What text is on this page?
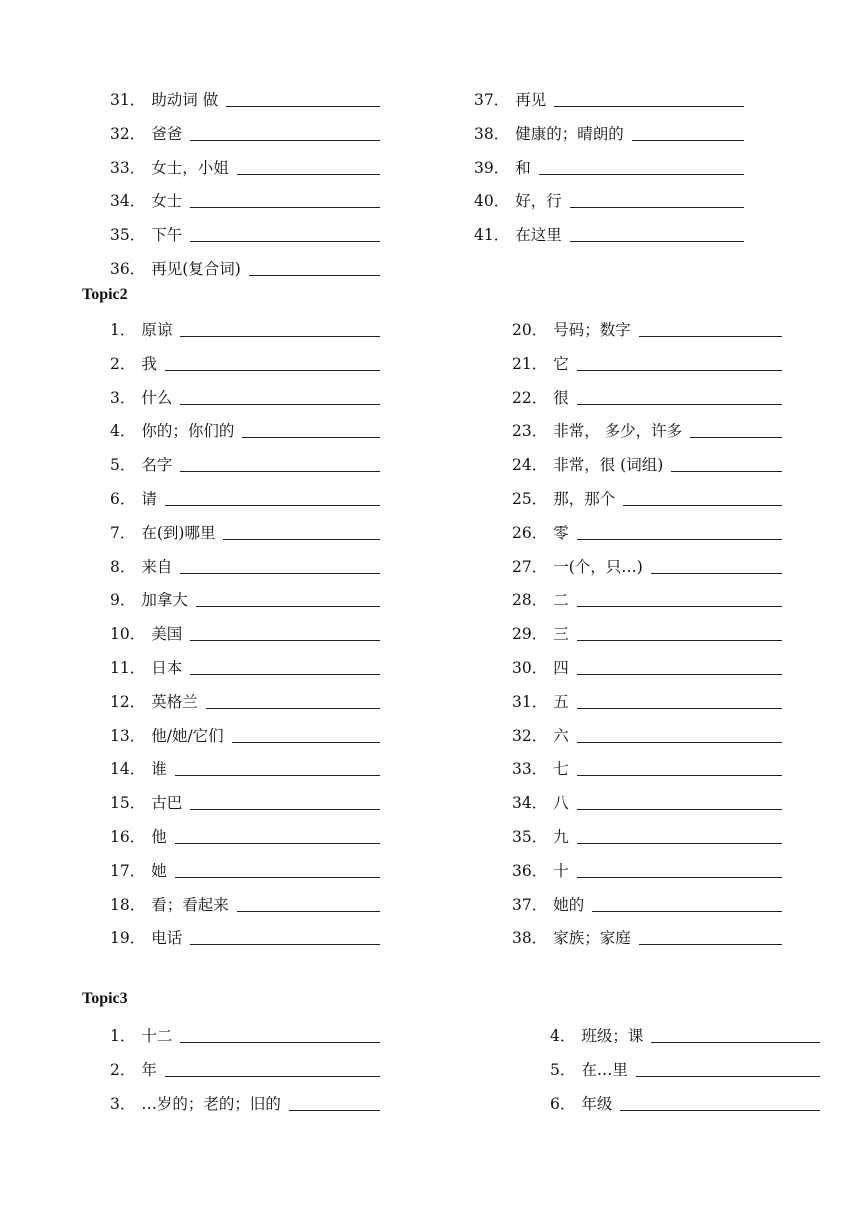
31． 助动词 做
32． 爸爸
33． 女士，小姐
34． 女士
35． 下午
36． 再见(复合词)
37． 再见
38． 健康的；晴朗的
39． 和
40． 好，行
41． 在这里
Topic2
1． 原谅
2． 我
3． 什么
4． 你的；你们的
5． 名字
6． 请
7． 在(到)哪里
8． 来自
9． 加拿大
10． 美国
11． 日本
12． 英格兰
13． 他/她/它们
14． 谁
15． 古巴
16． 他
17． 她
18． 看；看起来
19． 电话
20． 号码；数字
21． 它
22． 很
23． 非常， 多少，许多
24． 非常，很 (词组)
25． 那，那个
26． 零
27． 一(个，只…)
28． 二
29． 三
30． 四
31． 五
32． 六
33． 七
34． 八
35． 九
36． 十
37． 她的
38． 家族；家庭
Topic3
1． 十二
2． 年
3． …岁的；老的；旧的
4． 班级；课
5． 在…里
6． 年级
